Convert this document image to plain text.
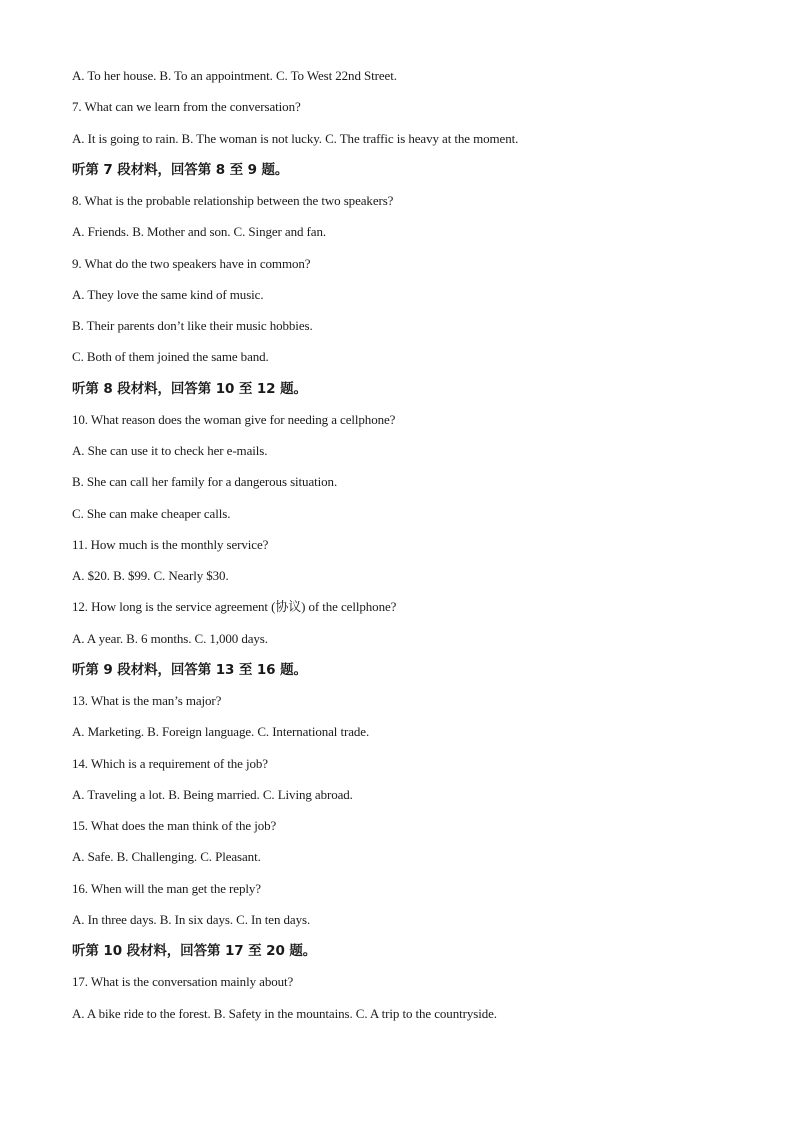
A. To her house. B. To an appointment. C. To West 22nd Street.
7. What can we learn from the conversation?
A. It is going to rain. B. The woman is not lucky. C. The traffic is heavy at the moment.
听第 7 段材料，回答第 8 至 9 题。
8. What is the probable relationship between the two speakers?
A. Friends. B. Mother and son. C. Singer and fan.
9. What do the two speakers have in common?
A. They love the same kind of music.
B. Their parents don’t like their music hobbies.
C. Both of them joined the same band.
听第 8 段材料，回答第 10 至 12 题。
10. What reason does the woman give for needing a cellphone?
A. She can use it to check her e-mails.
B. She can call her family for a dangerous situation.
C. She can make cheaper calls.
11. How much is the monthly service?
A. $20. B. $99. C. Nearly $30.
12. How long is the service agreement (协议) of the cellphone?
A. A year. B. 6 months. C. 1,000 days.
听第 9 段材料，回答第 13 至 16 题。
13. What is the man’s major?
A. Marketing. B. Foreign language. C. International trade.
14. Which is a requirement of the job?
A. Traveling a lot. B. Being married. C. Living abroad.
15. What does the man think of the job?
A. Safe. B. Challenging. C. Pleasant.
16. When will the man get the reply?
A. In three days. B. In six days. C. In ten days.
听第 10 段材料，回答第 17 至 20 题。
17. What is the conversation mainly about?
A. A bike ride to the forest. B. Safety in the mountains. C. A trip to the countryside.
